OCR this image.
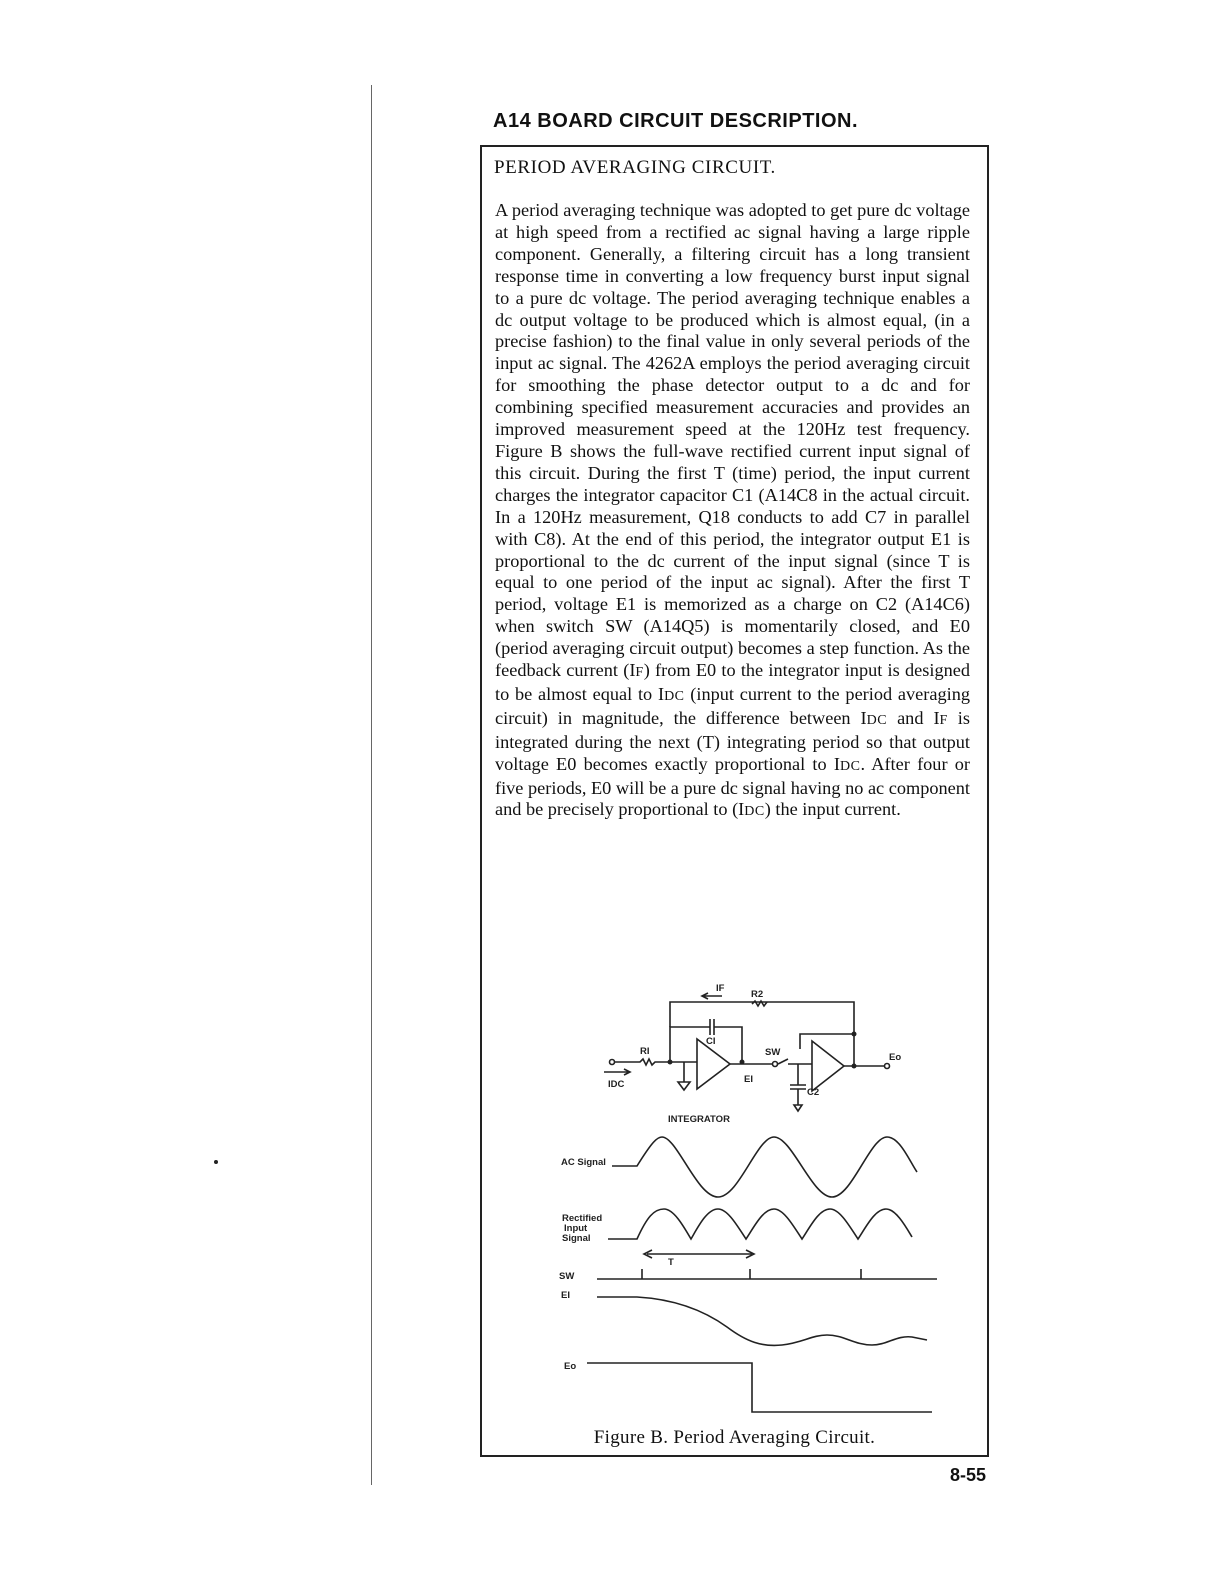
A14 BOARD CIRCUIT DESCRIPTION.
PERIOD AVERAGING CIRCUIT.
A period averaging technique was adopted to get pure dc voltage at high speed from a rectified ac signal having a large ripple component. Generally, a filtering circuit has a long transient response time in converting a low frequency burst input signal to a pure dc voltage. The period averaging technique enables a dc output voltage to be produced which is almost equal, (in a precise fashion) to the final value in only several periods of the input ac signal. The 4262A employs the period averaging circuit for smoothing the phase detector output to a dc and for combining specified measurement accuracies and provides an improved measurement speed at the 120Hz test frequency. Figure B shows the full-wave rectified current input signal of this circuit. During the first T (time) period, the input current charges the integrator capacitor C1 (A14C8 in the actual circuit. In a 120Hz measurement, Q18 conducts to add C7 in parallel with C8). At the end of this period, the integrator output E1 is proportional to the dc current of the input signal (since T is equal to one period of the input ac signal). After the first T period, voltage E1 is memorized as a charge on C2 (A14C6) when switch SW (A14Q5) is momentarily closed, and E0 (period averaging circuit output) becomes a step function. As the feedback current (IF) from E0 to the integrator input is designed to be almost equal to IDC (input current to the period averaging circuit) in magnitude, the difference between IDC and IF is integrated during the next (T) integrating period so that output voltage E0 becomes exactly proportional to IDC. After four or five periods, E0 will be a pure dc signal having no ac component and be precisely proportional to (IDC) the input current.
IF
R2
CI
RI	SW	Eo
IDC	EI
C2
INTEGRATOR
AC Signal
Rectified
Input
Signal
T
SW
EI
Eo
Figure B. Period Averaging Circuit.
8-55
